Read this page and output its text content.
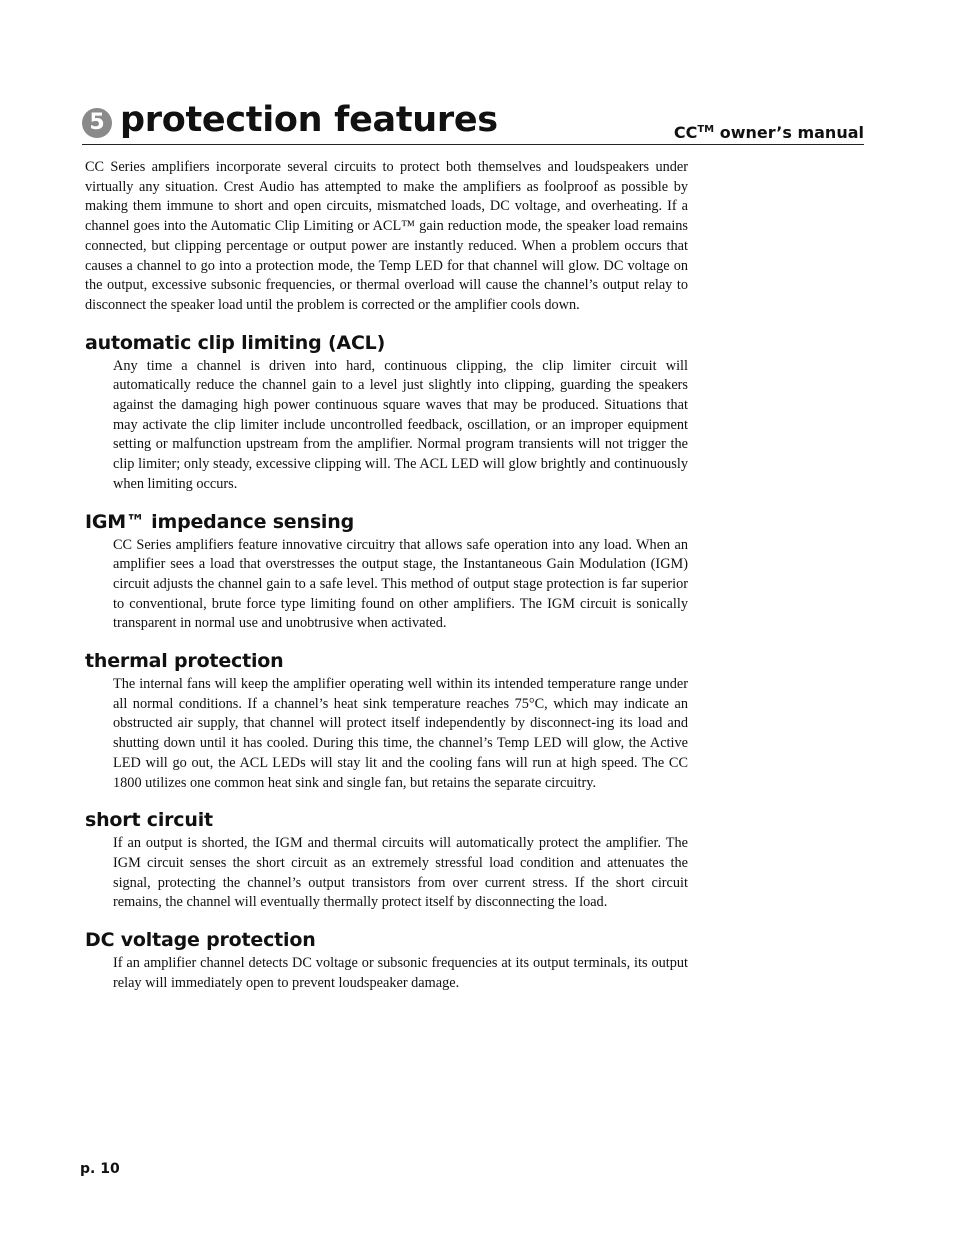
5 protection features	CC™ owner’s manual

CC Series amplifiers incorporate several circuits to protect both themselves and loudspeakers under virtually any situation. Crest Audio has attempted to make the amplifiers as foolproof as possible by making them immune to short and open circuits, mismatched loads, DC voltage, and overheating. If a channel goes into the Automatic Clip Limiting or ACL™ gain reduction mode, the speaker load remains connected, but clipping percentage or output power are instantly reduced. When a problem occurs that causes a channel to go into a protection mode, the Temp LED for that channel will glow. DC voltage on the output, excessive subsonic frequencies, or thermal overload will cause the channel’s output relay to disconnect the speaker load until the problem is corrected or the amplifier cools down.

automatic clip limiting (ACL)

Any time a channel is driven into hard, continuous clipping, the clip limiter circuit will automatically reduce the channel gain to a level just slightly into clipping, guarding the speakers against the damaging high power continuous square waves that may be produced. Situations that may activate the clip limiter include uncontrolled feedback, oscillation, or an improper equipment setting or malfunction upstream from the amplifier. Normal program transients will not trigger the clip limiter; only steady, excessive clipping will. The ACL LED will glow brightly and continuously when limiting occurs.

IGM™ impedance sensing

CC Series amplifiers feature innovative circuitry that allows safe operation into any load. When an amplifier sees a load that overstresses the output stage, the Instantaneous Gain Modulation (IGM) circuit adjusts the channel gain to a safe level. This method of output stage protection is far superior to conventional, brute force type limiting found on other amplifiers. The IGM circuit is sonically transparent in normal use and unobtrusive when activated.

thermal protection

The internal fans will keep the amplifier operating well within its intended temperature range under all normal conditions. If a channel’s heat sink temperature reaches 75°C, which may indicate an obstructed air supply, that channel will protect itself independently by disconnect-ing its load and shutting down until it has cooled. During this time, the channel’s Temp LED will glow, the Active LED will go out, the ACL LEDs will stay lit and the cooling fans will run at high speed. The CC 1800 utilizes one common heat sink and single fan, but retains the separate circuitry.

short circuit

If an output is shorted, the IGM and thermal circuits will automatically protect the amplifier. The IGM circuit senses the short circuit as an extremely stressful load condition and attenuates the signal, protecting the channel’s output transistors from over current stress. If the short circuit remains, the channel will eventually thermally protect itself by disconnecting the load.

DC voltage protection

If an amplifier channel detects DC voltage or subsonic frequencies at its output terminals, its output relay will immediately open to prevent loudspeaker damage.

p. 10
